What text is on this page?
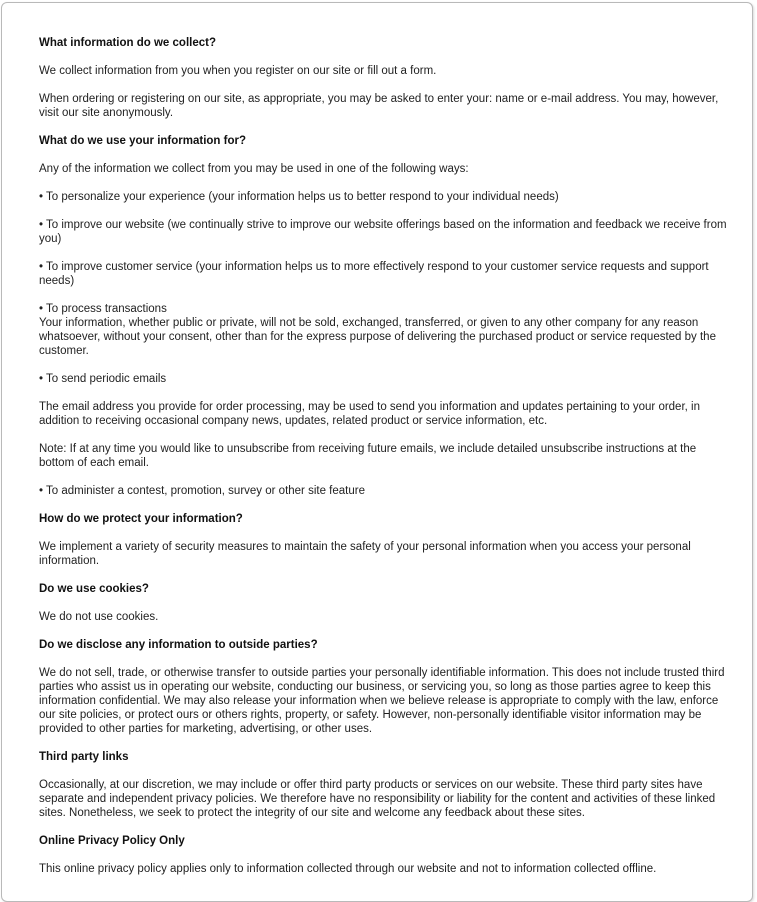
What information do we collect?

We collect information from you when you register on our site or fill out a form.

When ordering or registering on our site, as appropriate, you may be asked to enter your: name or e-mail address. You may, however, visit our site anonymously.

What do we use your information for?

Any of the information we collect from you may be used in one of the following ways:

• To personalize your experience (your information helps us to better respond to your individual needs)

• To improve our website (we continually strive to improve our website offerings based on the information and feedback we receive from you)

• To improve customer service (your information helps us to more effectively respond to your customer service requests and support needs)

• To process transactions

Your information, whether public or private, will not be sold, exchanged, transferred, or given to any other company for any reason whatsoever, without your consent, other than for the express purpose of delivering the purchased product or service requested by the customer.

• To send periodic emails

The email address you provide for order processing, may be used to send you information and updates pertaining to your order, in addition to receiving occasional company news, updates, related product or service information, etc.

Note: If at any time you would like to unsubscribe from receiving future emails, we include detailed unsubscribe instructions at the bottom of each email.

• To administer a contest, promotion, survey or other site feature

How do we protect your information?

We implement a variety of security measures to maintain the safety of your personal information when you access your personal information.

Do we use cookies?

We do not use cookies.

Do we disclose any information to outside parties?

We do not sell, trade, or otherwise transfer to outside parties your personally identifiable information. This does not include trusted third parties who assist us in operating our website, conducting our business, or servicing you, so long as those parties agree to keep this information confidential. We may also release your information when we believe release is appropriate to comply with the law, enforce our site policies, or protect ours or others rights, property, or safety. However, non-personally identifiable visitor information may be provided to other parties for marketing, advertising, or other uses.

Third party links

Occasionally, at our discretion, we may include or offer third party products or services on our website. These third party sites have separate and independent privacy policies. We therefore have no responsibility or liability for the content and activities of these linked sites. Nonetheless, we seek to protect the integrity of our site and welcome any feedback about these sites.

Online Privacy Policy Only

This online privacy policy applies only to information collected through our website and not to information collected offline.
